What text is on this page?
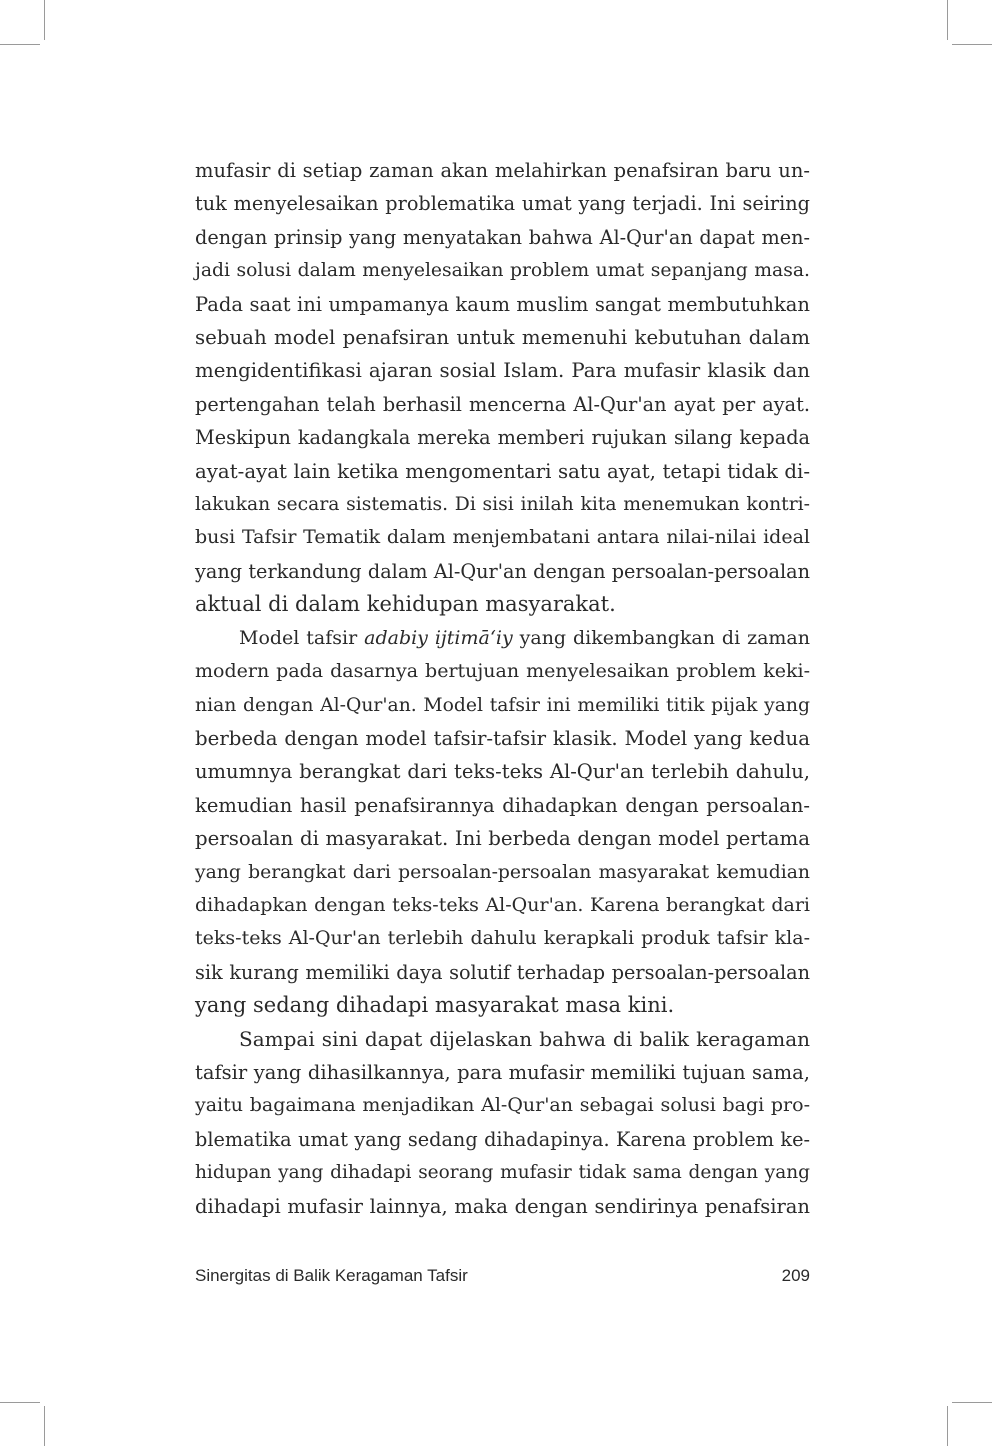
mufasir di setiap zaman akan melahirkan penafsiran baru un-
tuk menyelesaikan problematika umat yang terjadi. Ini seiring
dengan prinsip yang menyatakan bahwa Al-Qur'an dapat men-
jadi solusi dalam menyelesaikan problem umat sepanjang masa.
Pada saat ini umpamanya kaum muslim sangat membutuhkan
sebuah model penafsiran untuk memenuhi kebutuhan dalam
mengidentifikasi ajaran sosial Islam. Para mufasir klasik dan
pertengahan telah berhasil mencerna Al-Qur'an ayat per ayat.
Meskipun kadangkala mereka memberi rujukan silang kepada
ayat-ayat lain ketika mengomentari satu ayat, tetapi tidak di-
lakukan secara sistematis. Di sisi inilah kita menemukan kontri-
busi Tafsir Tematik dalam menjembatani antara nilai-nilai ideal
yang terkandung dalam Al-Qur'an dengan persoalan-persoalan
aktual di dalam kehidupan masyarakat.

Model tafsir adabiy ijtimā‘iy yang dikembangkan di zaman
modern pada dasarnya bertujuan menyelesaikan problem keki-
nian dengan Al-Qur'an. Model tafsir ini memiliki titik pijak yang
berbeda dengan model tafsir-tafsir klasik. Model yang kedua
umumnya berangkat dari teks-teks Al-Qur'an terlebih dahulu,
kemudian hasil penafsirannya dihadapkan dengan persoalan-
persoalan di masyarakat. Ini berbeda dengan model pertama
yang berangkat dari persoalan-persoalan masyarakat kemudian
dihadapkan dengan teks-teks Al-Qur'an. Karena berangkat dari
teks-teks Al-Qur'an terlebih dahulu kerapkali produk tafsir kla-
sik kurang memiliki daya solutif terhadap persoalan-persoalan
yang sedang dihadapi masyarakat masa kini.

Sampai sini dapat dijelaskan bahwa di balik keragaman
tafsir yang dihasilkannya, para mufasir memiliki tujuan sama,
yaitu bagaimana menjadikan Al-Qur'an sebagai solusi bagi pro-
blematika umat yang sedang dihadapinya. Karena problem ke-
hidupan yang dihadapi seorang mufasir tidak sama dengan yang
dihadapi mufasir lainnya, maka dengan sendirinya penafsiran

Sinergitas di Balik Keragaman Tafsir	209
